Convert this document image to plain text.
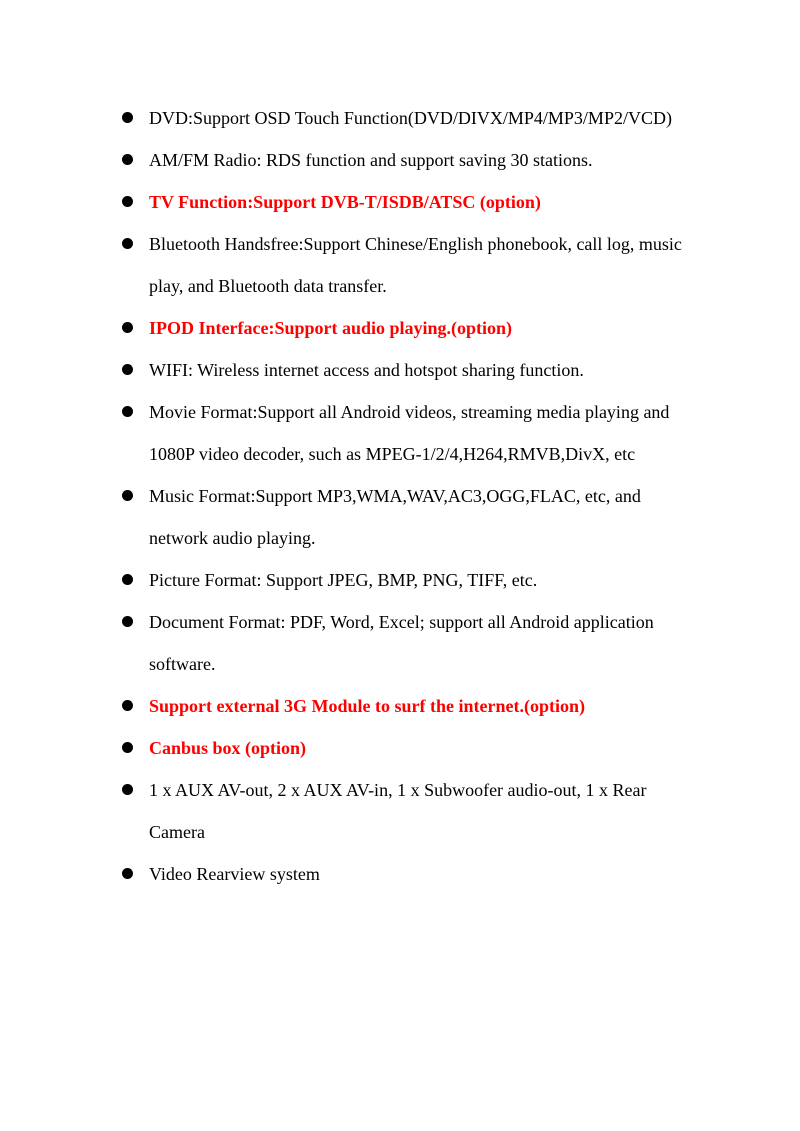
DVD:Support OSD Touch Function(DVD/DIVX/MP4/MP3/MP2/VCD)
AM/FM Radio: RDS function and support saving 30 stations.
TV Function:Support DVB-T/ISDB/ATSC (option)
Bluetooth Handsfree:Support Chinese/English phonebook, call log, music play, and Bluetooth data transfer.
IPOD Interface:Support audio playing.(option)
WIFI: Wireless internet access and hotspot sharing function.
Movie Format:Support all Android videos, streaming media playing and 1080P video decoder, such as MPEG-1/2/4,H264,RMVB,DivX, etc
Music Format:Support MP3,WMA,WAV,AC3,OGG,FLAC, etc, and network audio playing.
Picture Format: Support JPEG, BMP, PNG, TIFF, etc.
Document Format: PDF, Word, Excel; support all Android application software.
Support external 3G Module to surf the internet.(option)
Canbus box (option)
1 x AUX AV-out, 2 x AUX AV-in, 1 x Subwoofer audio-out, 1 x Rear Camera
Video Rearview system
